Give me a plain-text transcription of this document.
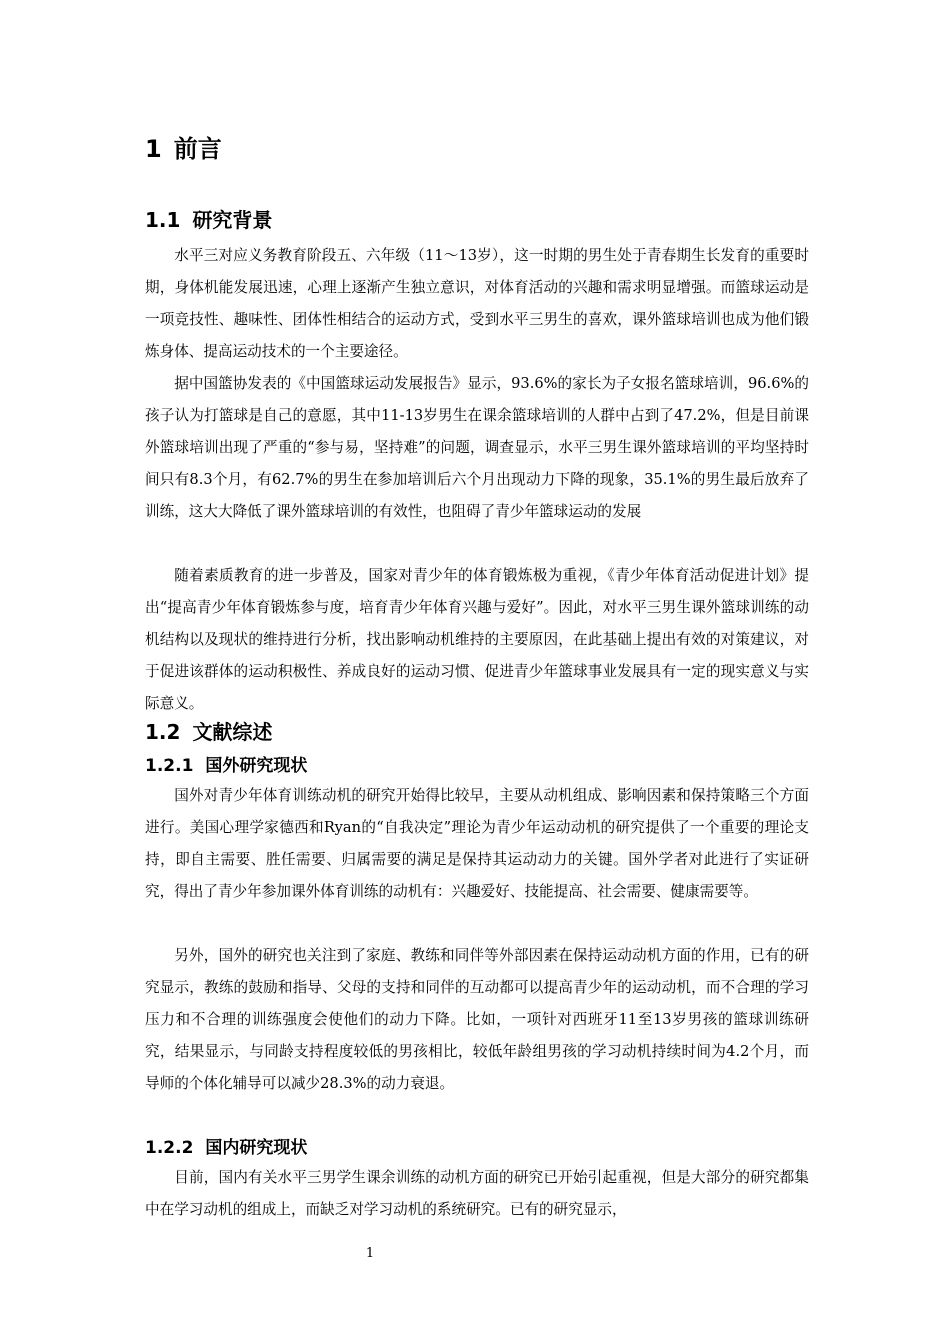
1 前言
1.1 研究背景

水平三对应义务教育阶段五、六年级（11～13岁），这一时期的男生处于青春期生长发育的重要时期，身体机能发展迅速，心理上逐渐产生独立意识，对体育活动的兴趣和需求明显增强。而篮球运动是一项竞技性、趣味性、团体性相结合的运动方式，受到水平三男生的喜欢，课外篮球培训也成为他们锻炼身体、提高运动技术的一个主要途径。

据中国篮协发表的《中国篮球运动发展报告》显示，93.6%的家长为子女报名篮球培训，96.6%的孩子认为打篮球是自己的意愿，其中11-13岁男生在课余篮球培训的人群中占到了47.2%，但是目前课外篮球培训出现了严重的“参与易，坚持难”的问题，调查显示，水平三男生课外篮球培训的平均坚持时间只有8.3个月，有62.7%的男生在参加培训后六个月出现动力下降的现象，35.1%的男生最后放弃了训练，这大大降低了课外篮球培训的有效性，也阻碍了青少年篮球运动的发展

随着素质教育的进一步普及，国家对青少年的体育锻炼极为重视，《青少年体育活动促进计划》提出“提高青少年体育锻炼参与度，培育青少年体育兴趣与爱好”。因此，对水平三男生课外篮球训练的动机结构以及现状的维持进行分析，找出影响动机维持的主要原因，在此基础上提出有效的对策建议，对于促进该群体的运动积极性、养成良好的运动习惯、促进青少年篮球事业发展具有一定的现实意义与实际意义。

1.2 文献综述
1.2.1 国外研究现状

国外对青少年体育训练动机的研究开始得比较早，主要从动机组成、影响因素和保持策略三个方面进行。美国心理学家德西和Ryan的“自我决定”理论为青少年运动动机的研究提供了一个重要的理论支持，即自主需要、胜任需要、归属需要的满足是保持其运动动力的关键。国外学者对此进行了实证研究，得出了青少年参加课外体育训练的动机有：兴趣爱好、技能提高、社会需要、健康需要等。

另外，国外的研究也关注到了家庭、教练和同伴等外部因素在保持运动动机方面的作用，已有的研究显示，教练的鼓励和指导、父母的支持和同伴的互动都可以提高青少年的运动动机，而不合理的学习压力和不合理的训练强度会使他们的动力下降。比如，一项针对西班牙11至13岁男孩的篮球训练研究，结果显示，与同龄支持程度较低的男孩相比，较低年龄组男孩的学习动机持续时间为4.2个月，而导师的个体化辅导可以减少28.3%的动力衰退。

1.2.2 国内研究现状

目前，国内有关水平三男学生课余训练的动机方面的研究已开始引起重视，但是大部分的研究都集中在学习动机的组成上，而缺乏对学习动机的系统研究。已有的研究显示，

1
